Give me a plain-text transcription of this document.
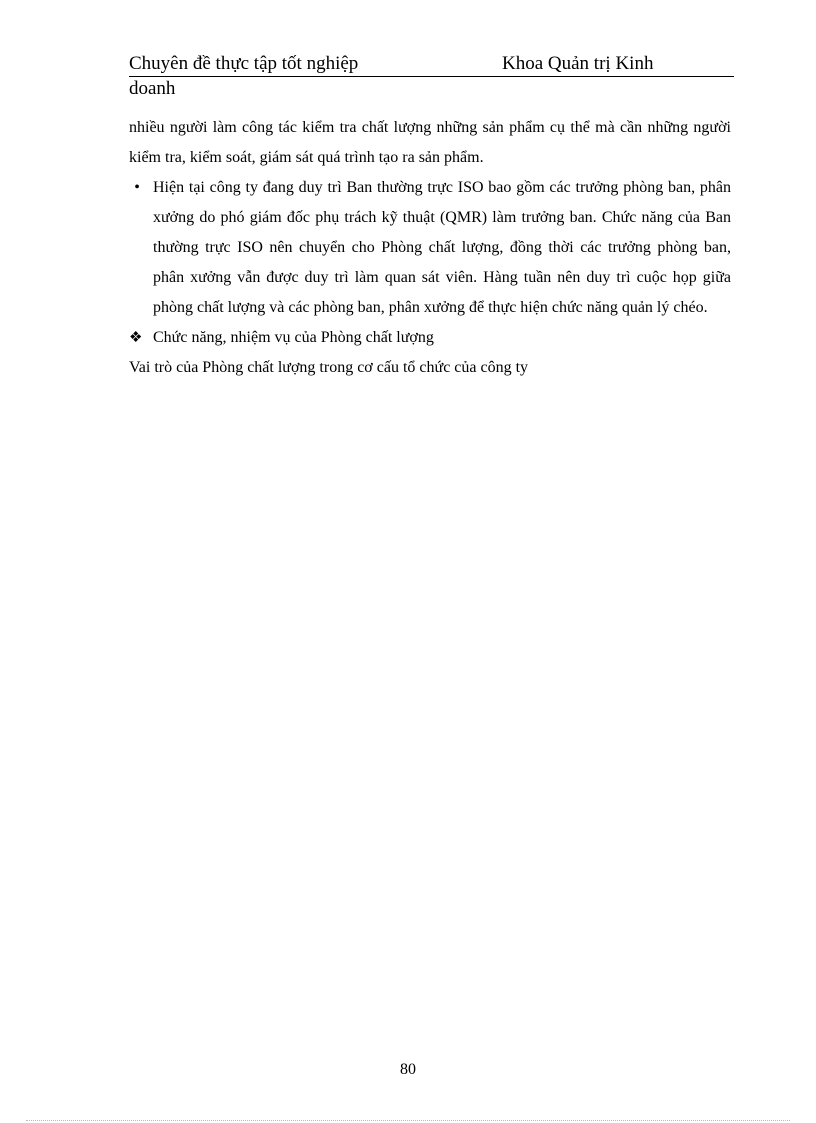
Chuyên đề thực tập tốt nghiệp	Khoa Quản trị Kinh
doanh

nhiều người làm công tác kiểm tra chất lượng những sản phẩm cụ thể mà cần những người kiểm tra, kiểm soát, giám sát quá trình tạo ra sản phẩm.

• Hiện tại công ty đang duy trì Ban thường trực ISO bao gồm các trưởng phòng ban, phân xưởng do phó giám đốc phụ trách kỹ thuật (QMR) làm trưởng ban. Chức năng của Ban thường trực ISO nên chuyển cho Phòng chất lượng, đồng thời các trưởng phòng ban, phân xưởng vẫn được duy trì làm quan sát viên. Hàng tuần nên duy trì cuộc họp giữa phòng chất lượng và các phòng ban, phân xưởng để thực hiện chức năng quản lý chéo.
❖ Chức năng, nhiệm vụ của Phòng chất lượng

Vai trò của Phòng chất lượng trong cơ cấu tổ chức của công ty

80
